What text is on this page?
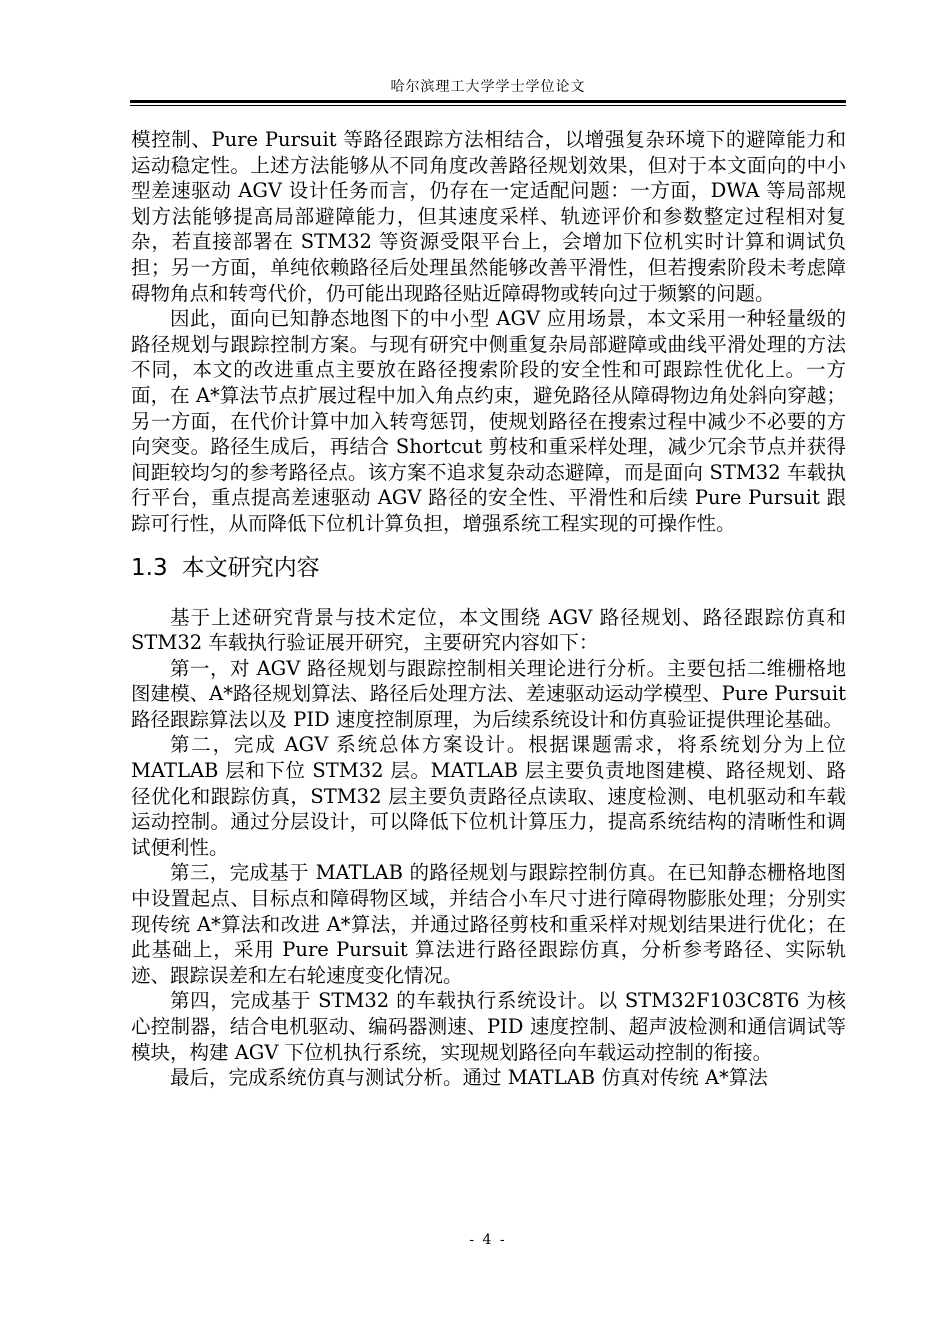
哈尔滨理工大学学士学位论文

模控制、Pure Pursuit 等路径跟踪方法相结合，以增强复杂环境下的避障能力和运动稳定性。上述方法能够从不同角度改善路径规划效果，但对于本文面向的中小型差速驱动 AGV 设计任务而言，仍存在一定适配问题：一方面，DWA 等局部规划方法能够提高局部避障能力，但其速度采样、轨迹评价和参数整定过程相对复杂，若直接部署在 STM32 等资源受限平台上，会增加下位机实时计算和调试负担；另一方面，单纯依赖路径后处理虽然能够改善平滑性，但若搜索阶段未考虑障碍物角点和转弯代价，仍可能出现路径贴近障碍物或转向过于频繁的问题。

因此，面向已知静态地图下的中小型 AGV 应用场景，本文采用一种轻量级的路径规划与跟踪控制方案。与现有研究中侧重复杂局部避障或曲线平滑处理的方法不同，本文的改进重点主要放在路径搜索阶段的安全性和可跟踪性优化上。一方面，在 A*算法节点扩展过程中加入角点约束，避免路径从障碍物边角处斜向穿越；另一方面，在代价计算中加入转弯惩罚，使规划路径在搜索过程中减少不必要的方向突变。路径生成后，再结合 Shortcut 剪枝和重采样处理，减少冗余节点并获得间距较均匀的参考路径点。该方案不追求复杂动态避障，而是面向 STM32 车载执行平台，重点提高差速驱动 AGV 路径的安全性、平滑性和后续 Pure Pursuit 跟踪可行性，从而降低下位机计算负担，增强系统工程实现的可操作性。

1.3 本文研究内容

基于上述研究背景与技术定位，本文围绕 AGV 路径规划、路径跟踪仿真和 STM32 车载执行验证展开研究，主要研究内容如下：

第一，对 AGV 路径规划与跟踪控制相关理论进行分析。主要包括二维栅格地图建模、A*路径规划算法、路径后处理方法、差速驱动运动学模型、Pure Pursuit 路径跟踪算法以及 PID 速度控制原理，为后续系统设计和仿真验证提供理论基础。

第二，完成 AGV 系统总体方案设计。根据课题需求，将系统划分为上位 MATLAB 层和下位 STM32 层。MATLAB 层主要负责地图建模、路径规划、路径优化和跟踪仿真，STM32 层主要负责路径点读取、速度检测、电机驱动和车载运动控制。通过分层设计，可以降低下位机计算压力，提高系统结构的清晰性和调试便利性。

第三，完成基于 MATLAB 的路径规划与跟踪控制仿真。在已知静态栅格地图中设置起点、目标点和障碍物区域，并结合小车尺寸进行障碍物膨胀处理；分别实现传统 A*算法和改进 A*算法，并通过路径剪枝和重采样对规划结果进行优化；在此基础上，采用 Pure Pursuit 算法进行路径跟踪仿真，分析参考路径、实际轨迹、跟踪误差和左右轮速度变化情况。

第四，完成基于 STM32 的车载执行系统设计。以 STM32F103C8T6 为核心控制器，结合电机驱动、编码器测速、PID 速度控制、超声波检测和通信调试等模块，构建 AGV 下位机执行系统，实现规划路径向车载运动控制的衔接。

最后，完成系统仿真与测试分析。通过 MATLAB 仿真对传统 A*算法

- 4 -
